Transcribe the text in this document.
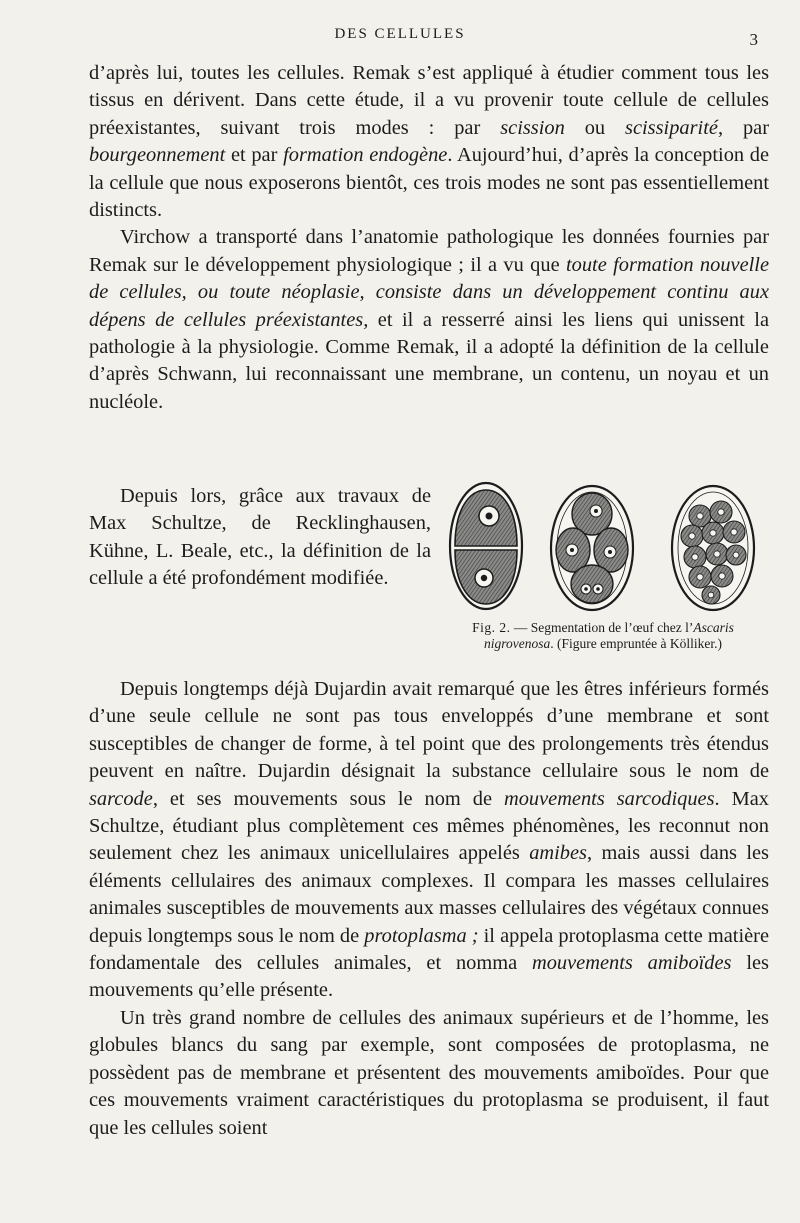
DES CELLULES	3

d’après lui, toutes les cellules. Remak s’est appliqué à étudier comment tous les tissus en dérivent. Dans cette étude, il a vu provenir toute cellule de cellules préexistantes, suivant trois modes : par scission ou scissiparité, par bourgeonnement et par formation endogène. Aujourd’hui, d’après la conception de la cellule que nous exposerons bientôt, ces trois modes ne sont pas essentiellement distincts.

Virchow a transporté dans l’anatomie pathologique les données fournies par Remak sur le développement physiologique ; il a vu que toute formation nouvelle de cellules, ou toute néoplasie, consiste dans un développement continu aux dépens de cellules préexistantes, et il a resserré ainsi les liens qui unissent la pathologie à la physiologie. Comme Remak, il a adopté la définition de la cellule d’après Schwann, lui reconnaissant une membrane, un contenu, un noyau et un nucléole.

Depuis lors, grâce aux travaux de Max Schultze, de Recklinghausen, Kühne, L. Beale, etc., la définition de la cellule a été profondément modifiée.

Fig. 2. — Segmentation de l’œuf chez l’Ascaris nigrovenosa. (Figure empruntée à Kölliker.)

Depuis longtemps déjà Dujardin avait remarqué que les êtres inférieurs formés d’une seule cellule ne sont pas tous enveloppés d’une membrane et sont susceptibles de changer de forme, à tel point que des prolongements très étendus peuvent en naître. Dujardin désignait la substance cellulaire sous le nom de sarcode, et ses mouvements sous le nom de mouvements sarcodiques. Max Schultze, étudiant plus complètement ces mêmes phénomènes, les reconnut non seulement chez les animaux unicellulaires appelés amibes, mais aussi dans les éléments cellulaires des animaux complexes. Il compara les masses cellulaires animales susceptibles de mouvements aux masses cellulaires des végétaux connues depuis longtemps sous le nom de protoplasma ; il appela protoplasma cette matière fondamentale des cellules animales, et nomma mouvements amiboïdes les mouvements qu’elle présente.

Un très grand nombre de cellules des animaux supérieurs et de l’homme, les globules blancs du sang par exemple, sont composées de protoplasma, ne possèdent pas de membrane et présentent des mouvements amiboïdes. Pour que ces mouvements vraiment caractéristiques du protoplasma se produisent, il faut que les cellules soient
